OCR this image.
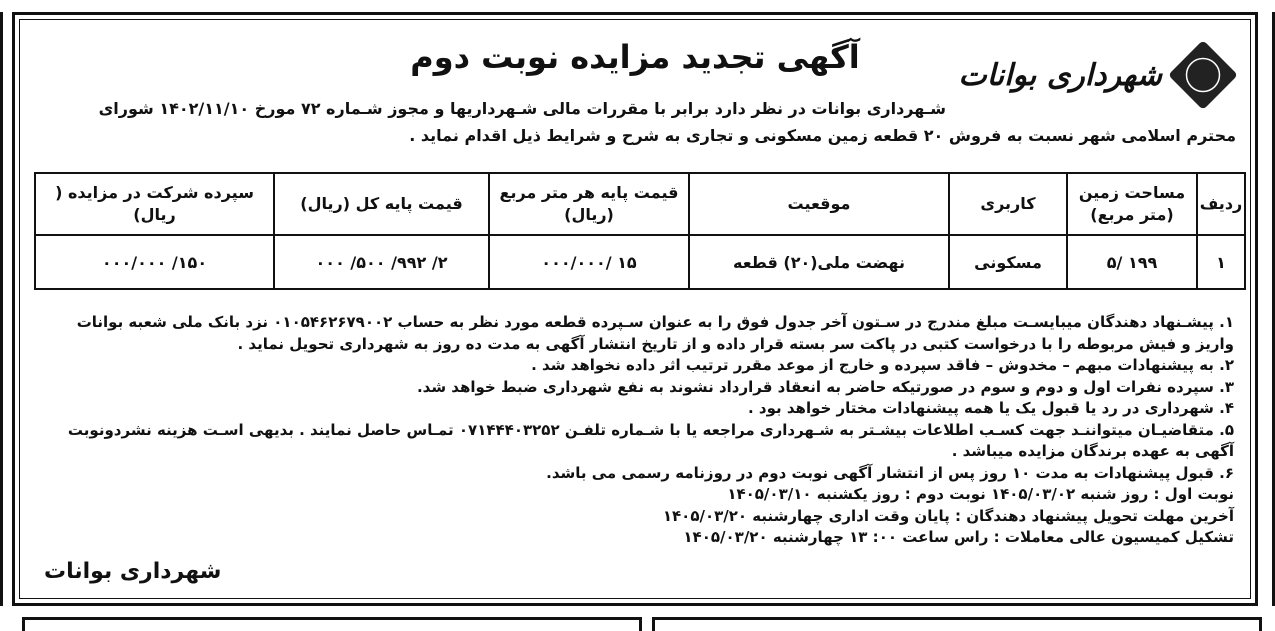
آگهی تجدید مزایده نوبت دوم	شهرداری بوانات
شـهرداری بوانات در نظر دارد برابر با مقررات مالی شـهرداریها و مجوز شـماره ۷۲ مورخ ۱۴۰۲/۱۱/۱۰ شورای
محترم اسلامی شهر نسبت به فروش ۲۰ قطعه زمین مسکونی و تجاری به شرح و شرایط ذیل اقدام نماید .
ردیف	مساحت زمین (متر مربع)	کاربری	موقعیت	قیمت پایه هر متر مربع (ریال)	قیمت پایه کل (ریال)	سپرده شرکت در مزایده ( ریال)
۱	۱۹۹ /۵	مسکونی	نهضت ملی(۲۰) قطعه	۱۵ /۰۰۰/۰۰۰	۲/ ۹۹۲/ ۵۰۰/ ۰۰۰	۱۵۰/ ۰۰۰/۰۰۰

۱. پیشـنهاد دهندگان میبایسـت مبلغ مندرج در سـتون آخر جدول فوق را به عنوان سـپرده قطعه مورد نظر به حساب ۰۱۰۵۴۶۲۶۷۹۰۰۲ نزد بانک ملی شعبه بوانات واریز و فیش مربوطه را با درخواست کتبی در پاکت سر بسته قرار داده و از تاریخ انتشار آگهی به مدت ده روز به شهرداری تحویل نماید .

۲. به پیشنهادات مبهم – مخدوش – فاقد سپرده و خارج از موعد مقرر ترتیب اثر داده نخواهد شد .

۳. سپرده نفرات اول و دوم و سوم در صورتیکه حاضر به انعقاد قرارداد نشوند به نفع شهرداری ضبط خواهد شد.

۴. شهرداری در رد یا قبول یک یا همه پیشنهادات مختار خواهد بود .

۵. متقاضیـان میتواننـد جهت کسـب اطلاعات بیشـتر به شـهرداری مراجعه یا با شـماره تلفـن ۰۷۱۴۴۴۰۳۲۵۲ تمـاس حاصل نمایند . بدیهی اسـت هزینه نشردونوبت آگهی به عهده برندگان مزایده میباشد .

۶. قبول پیشنهادات به مدت ۱۰ روز پس از انتشار آگهی نوبت دوم در روزنامه رسمی می باشد.

نوبت اول : روز شنبه ۱۴۰۵/۰۳/۰۲ نوبت دوم : روز یکشنبه ۱۴۰۵/۰۳/۱۰

آخرین مهلت تحویل پیشنهاد دهندگان : پایان وقت اداری چهارشنبه ۱۴۰۵/۰۳/۲۰

تشکیل کمیسیون عالی معاملات : راس ساعت ۰۰: ۱۳ چهارشنبه ۱۴۰۵/۰۳/۲۰

شهرداری بوانات
